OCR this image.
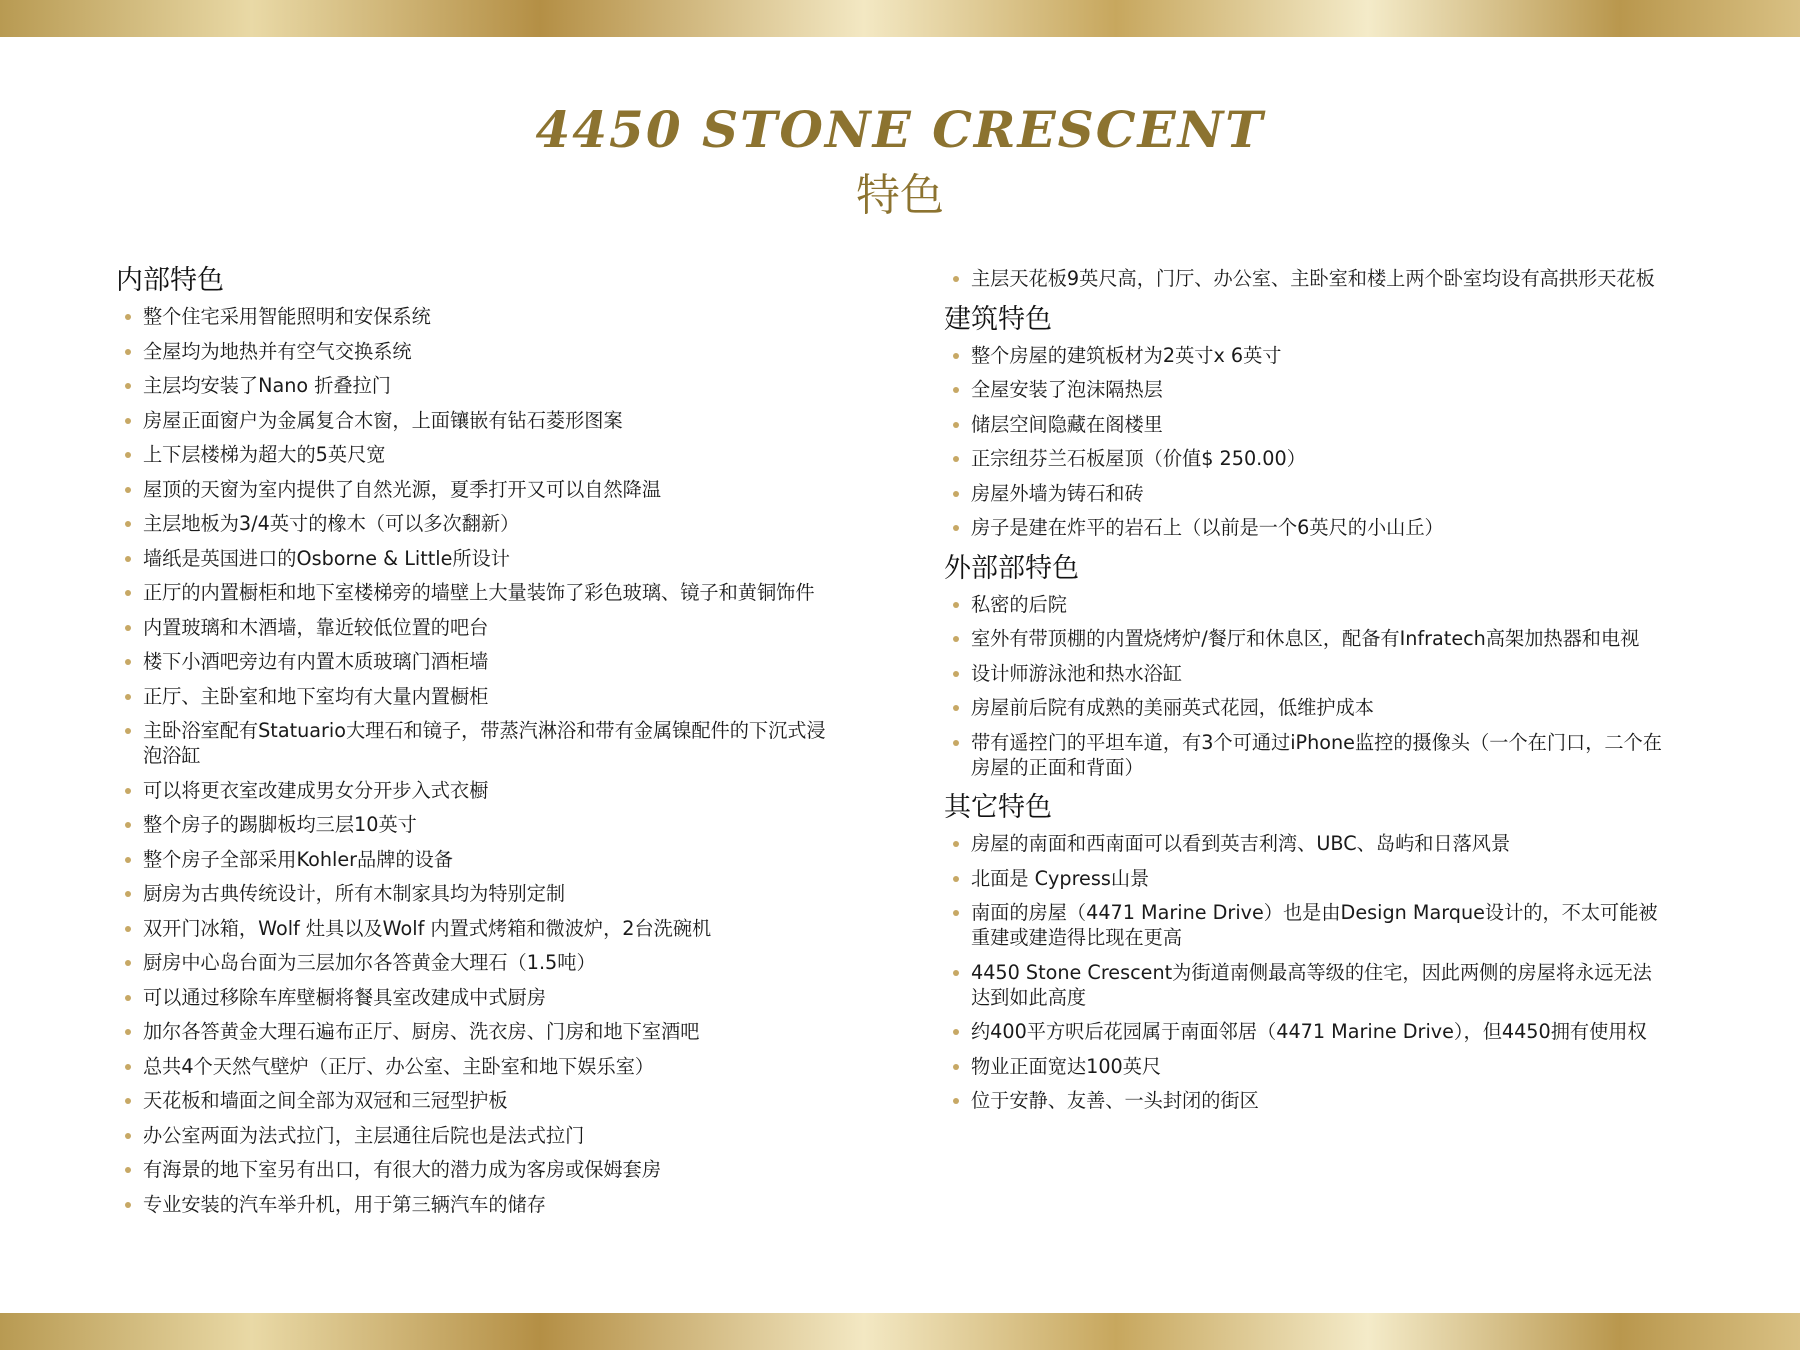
4450 STONE CRESCENT
特色
内部特色
整个住宅采用智能照明和安保系统
全屋均为地热并有空气交换系统
主层均安装了Nano 折叠拉门
房屋正面窗户为金属复合木窗，上面镶嵌有钻石菱形图案
上下层楼梯为超大的5英尺宽
屋顶的天窗为室内提供了自然光源，夏季打开又可以自然降温
主层地板为3/4英寸的橡木（可以多次翻新）
墙纸是英国进口的Osborne & Little所设计
正厅的内置橱柜和地下室楼梯旁的墙壁上大量装饰了彩色玻璃、镜子和黄铜饰件
内置玻璃和木酒墙，靠近较低位置的吧台
楼下小酒吧旁边有内置木质玻璃门酒柜墙
正厅、主卧室和地下室均有大量内置橱柜
主卧浴室配有Statuario大理石和镜子，带蒸汽淋浴和带有金属镍配件的下沉式浸泡浴缸
可以将更衣室改建成男女分开步入式衣橱
整个房子的踢脚板均三层10英寸
整个房子全部采用Kohler品牌的设备
厨房为古典传统设计，所有木制家具均为特别定制
双开门冰箱，Wolf 灶具以及Wolf 内置式烤箱和微波炉，2台洗碗机
厨房中心岛台面为三层加尔各答黄金大理石（1.5吨）
可以通过移除车库壁橱将餐具室改建成中式厨房
加尔各答黄金大理石遍布正厅、厨房、洗衣房、门房和地下室酒吧
总共4个天然气壁炉（正厅、办公室、主卧室和地下娱乐室）
天花板和墙面之间全部为双冠和三冠型护板
办公室两面为法式拉门，主层通往后院也是法式拉门
有海景的地下室另有出口，有很大的潜力成为客房或保姆套房
专业安装的汽车举升机，用于第三辆汽车的储存
主层天花板9英尺高，门厅、办公室、主卧室和楼上两个卧室均设有高拱形天花板
建筑特色
整个房屋的建筑板材为2英寸x 6英寸
全屋安装了泡沫隔热层
储层空间隐藏在阁楼里
正宗纽芬兰石板屋顶（价值$ 250.00）
房屋外墙为铸石和砖
房子是建在炸平的岩石上（以前是一个6英尺的小山丘）
外部部特色
私密的后院
室外有带顶棚的内置烧烤炉/餐厅和休息区，配备有Infratech高架加热器和电视
设计师游泳池和热水浴缸
房屋前后院有成熟的美丽英式花园，低维护成本
带有遥控门的平坦车道，有3个可通过iPhone监控的摄像头（一个在门口，二个在房屋的正面和背面）
其它特色
房屋的南面和西南面可以看到英吉利湾、UBC、岛屿和日落风景
北面是 Cypress山景
南面的房屋（4471 Marine Drive）也是由Design Marque设计的，不太可能被重建或建造得比现在更高
4450 Stone Crescent为街道南侧最高等级的住宅，因此两侧的房屋将永远无法达到如此高度
约400平方呎后花园属于南面邻居（4471 Marine Drive），但4450拥有使用权
物业正面宽达100英尺
位于安静、友善、一头封闭的街区
